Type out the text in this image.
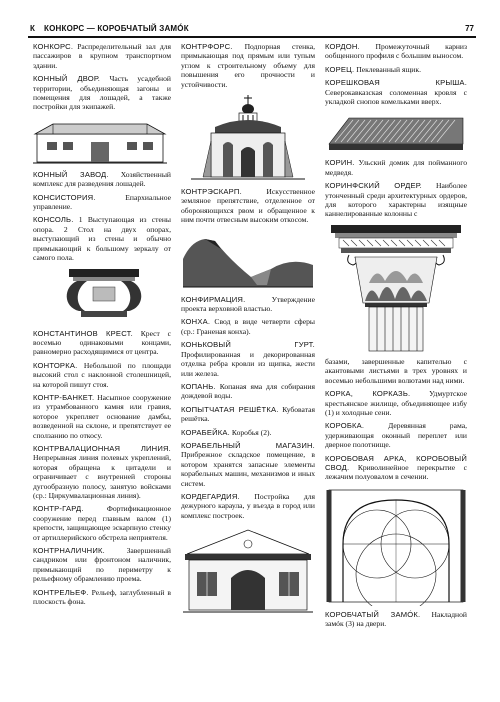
К КОНКОРС — КОРОБЧАТЫЙ ЗАМÓК	77

КОНКОРС. Распределительный зал для пассажиров в крупном транспортном здании.

КОННЫЙ ДВОР. Часть усадебной территории, объединяющая загоны и помещения для лошадей, а также постройки для экипажей.

КОННЫЙ ЗАВОД. Хозяйственный комплекс для разведения лошадей.

КОНСИСТОРИЯ.	Епархиальное управление.

КОНСОЛЬ. 1 Выступающая из стены опора. 2 Стол на двух опорах, выступающий из стены и обычно примыкающий к большому зеркалу от самого пола.

КОНСТАНТИНОВ КРЕСТ. Крест с восемью одинаковыми концами, равномерно расходящимися от центра.

КОНТОРКА. Небольшой по площади высокий стол с наклонной столешницей, на которой пишут стоя.

КОНТР-БАНКЕТ. Насыпное сооружение из утрамбованного камня или гравия, которое укрепляет основание дамбы, возведенной на склоне, и препятствует ее сползанию по откосу.

КОНТРВАЛАЦИОННАЯ ЛИНИЯ. Непрерывная линия полевых укреплений, которая обращена к цитадели и ограничивает с внутренней стороны дугообразную полосу, занятую войсками (ср.: Циркумвалационная линия).

КОНТР-ГАРД.	Фортификационное сооружение перед главным валом (1) крепости, защищающее эскарпную стенку от артиллерийского обстрела неприятеля.

КОНТРНАЛИЧНИК.	Завершенный сандриком или фронтоном наличник, примыкающий по периметру к рельефному обрамлению проема.

КОНТРЕЛЬЕФ. Рельеф, заглубленный в плоскость фона.

КОНТРФОРС. Подпорная стенка, примыкающая под прямым или тупым углом к строительному объему для повышения его прочности и устойчивости.

КОНТРЭСКАРП.	Искусственное земляное препятствие, отделенное от обороняющихся рвом и обращенное к ним почти отвесным высоким откосом.

КОНФИРМАЦИЯ.	Утверждение проекта верховной властью.

КОНХА. Свод в виде четверти сферы (ср.: Граненая конха).

КОНЬКОВЫЙ ГУРТ. Профилированная и декорированная отделка ребра кровли из щипка, жести или железа.

КОПАНЬ. Копаная яма для собирания дождевой воды.

КОПЫТЧАТАЯ РЕШЁТКА. Кубоватая решётка.

КОРАБЕЙКА. Коробья (2).

КОРАБЕЛЬНЫЙ МАГАЗИН. Прибрежное складское помещение, в котором хранятся запасные элементы корабельных машин, механизмов и иных систем.

КОРДЕГАРДИЯ. Постройка для дежурного караула, у въезда в город или комплекс построек.

КОРДОН. Промежуточный карниз ообщенного профиля с большим выносом.

КОРЕЦ. Пеклеванный ящик.

КОРЕШКОВАЯ КРЫША. Северокавказская соломенная кровля с укладкой снопов комельками вверх.

КОРИН. Ульский домик для пойманного медведя.

КОРИНФСКИЙ ОРДЕР. Наиболее утонченный среди архитектурных ордеров, для которого характерны изящные каннелированные колонны с

базами, завершенные капителью с акантовыми листьями в трех уровнях и восемью небольшими волютами над ними.

КОРКА, КОРКАЗЬ. Удмуртское крестьянское жилище, объединяющее избу (1) и холодные сени.

КОРОБКА.	Деревянная рама, удерживающая оконный переплет или дверное полотнище.

КОРОБОВАЯ АРКА, КОРОБОВЫЙ СВОД. Криволинейное перекрытие с лежачим полуовалом в сечении.

КОРОБЧАТЫЙ ЗАМÓК. Накладной замóк (3) на двери.
